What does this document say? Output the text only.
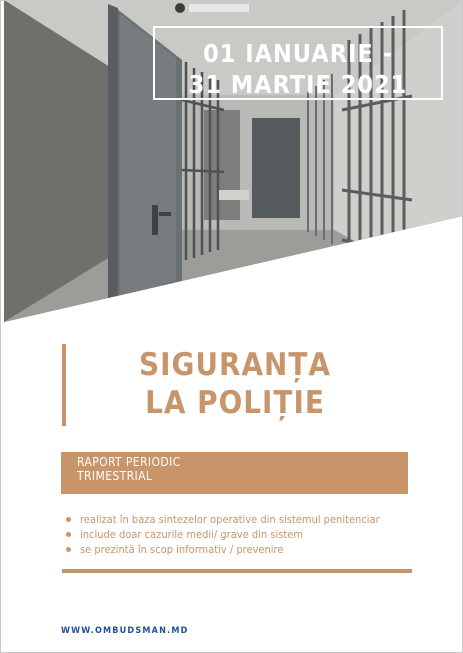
01 IANUARIE -
31 MARTIE 2021
SIGURANȚA
LA POLIȚIE
RAPORT PERIODIC
TRIMESTRIAL
realizat în baza sintezelor operative din sistemul penitenciar
include doar cazurile medii/ grave din sistem
se prezintă în scop informativ / prevenire
WWW.OMBUDSMAN.MD
